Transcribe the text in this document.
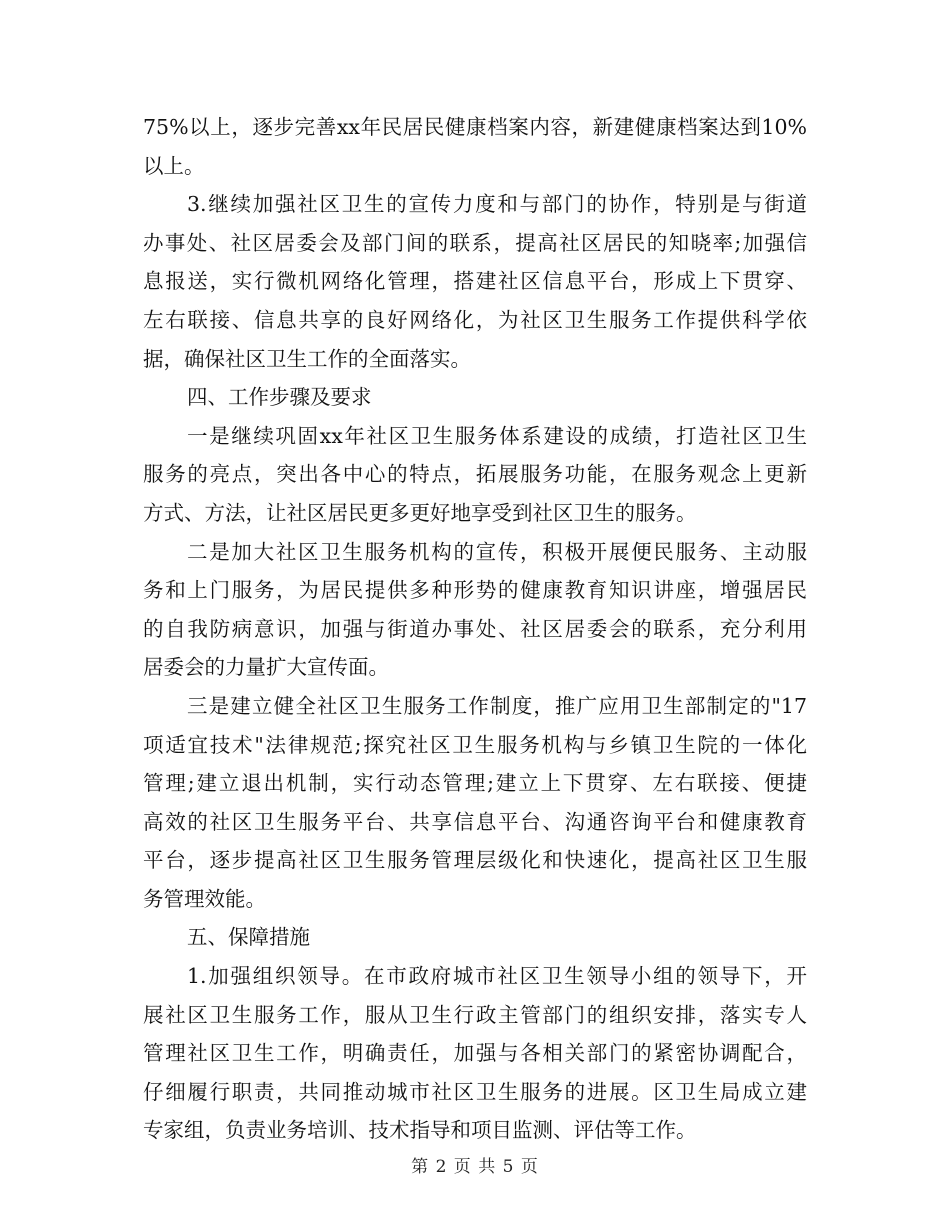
75%以上，逐步完善xx年民居民健康档案内容，新建健康档案达到10%
以上。
3.继续加强社区卫生的宣传力度和与部门的协作，特别是与街道
办事处、社区居委会及部门间的联系，提高社区居民的知晓率;加强信
息报送，实行微机网络化管理，搭建社区信息平台，形成上下贯穿、
左右联接、信息共享的良好网络化，为社区卫生服务工作提供科学依
据，确保社区卫生工作的全面落实。
四、工作步骤及要求
一是继续巩固xx年社区卫生服务体系建设的成绩，打造社区卫生
服务的亮点，突出各中心的特点，拓展服务功能，在服务观念上更新
方式、方法，让社区居民更多更好地享受到社区卫生的服务。
二是加大社区卫生服务机构的宣传，积极开展便民服务、主动服
务和上门服务，为居民提供多种形势的健康教育知识讲座，增强居民
的自我防病意识，加强与街道办事处、社区居委会的联系，充分利用
居委会的力量扩大宣传面。
三是建立健全社区卫生服务工作制度，推广应用卫生部制定的"17
项适宜技术"法律规范;探究社区卫生服务机构与乡镇卫生院的一体化
管理;建立退出机制，实行动态管理;建立上下贯穿、左右联接、便捷
高效的社区卫生服务平台、共享信息平台、沟通咨询平台和健康教育
平台，逐步提高社区卫生服务管理层级化和快速化，提高社区卫生服
务管理效能。
五、保障措施
1.加强组织领导。在市政府城市社区卫生领导小组的领导下，开
展社区卫生服务工作，服从卫生行政主管部门的组织安排，落实专人
管理社区卫生工作，明确责任，加强与各相关部门的紧密协调配合，
仔细履行职责，共同推动城市社区卫生服务的进展。区卫生局成立建
专家组，负责业务培训、技术指导和项目监测、评估等工作。
第 2 页 共 5 页
